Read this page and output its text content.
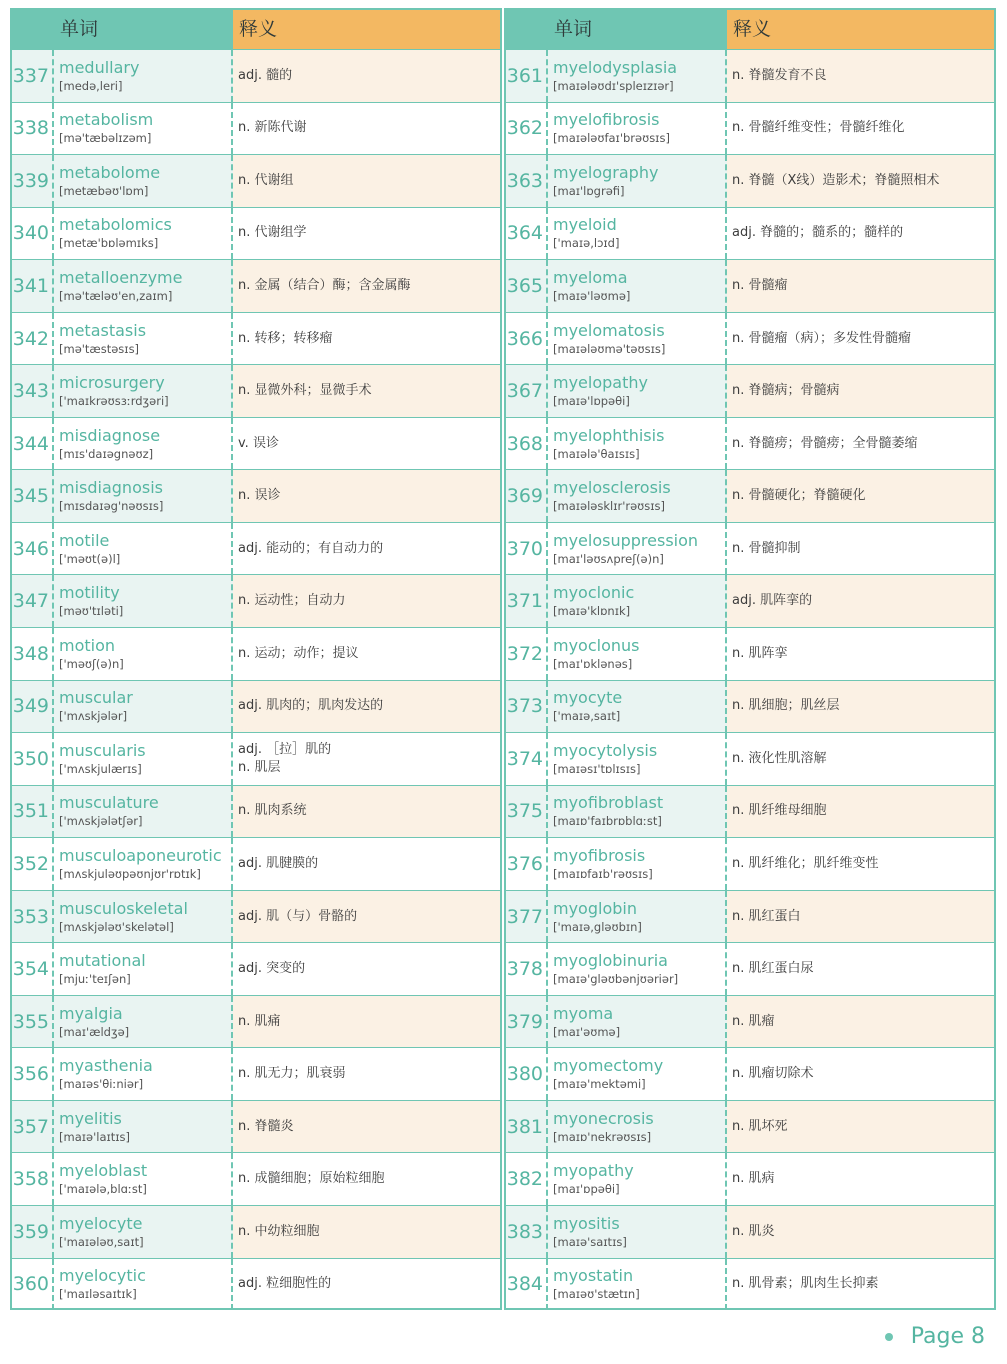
单词	释义
337 medullary
[medə,leri]
adj. 髓的
338 metabolism
[mə'tæbəlɪzəm]
n. 新陈代谢
339 metabolome
[metæbəʊ'lɒm]
n. 代谢组
340 metabolomics
[metæ'bɒləmɪks]
n. 代谢组学
341 metalloenzyme
[mə'tæləʊ'en,zaɪm]
n. 金属（结合）酶；含金属酶
342 metastasis
[mə'tæstəsɪs]
n. 转移；转移瘤
343 microsurgery
['maɪkrəʊsɜːrdʒəri]
n. 显微外科；显微手术
344 misdiagnose
[mɪs'daɪəgnəʊz]
v. 误诊
345 misdiagnosis
[mɪsdaɪəg'nəʊsɪs]
n. 误诊
346 motile
['məʊt(ə)l]
adj. 能动的；有自动力的
347 motility
[məʊ'tɪləti]
n. 运动性；自动力
348 motion
['məʊʃ(ə)n]
n. 运动；动作；提议
349 muscular
['mʌskjələr]
adj. 肌肉的；肌肉发达的
350 muscularis
['mʌskjulærɪs]
adj. ［拉］肌的
n. 肌层
351 musculature
['mʌskjələtʃər]
n. 肌肉系统
352 musculoaponeurotic
[mʌskjuləʊpəʊnjʊr'rɒtɪk]
adj. 肌腱膜的
353 musculoskeletal
[mʌskjələʊ'skelətəl]
adj. 肌（与）骨骼的
354 mutational
[mjuː'teɪʃən]
adj. 突变的
355 myalgia
[maɪ'ældʒə]
n. 肌痛
356 myasthenia
[maɪəs'θiːniər]
n. 肌无力；肌衰弱
357 myelitis
[maɪə'laɪtɪs]
n. 脊髓炎
358 myeloblast
['maɪələ,blɑːst]
n. 成髓细胞；原始粒细胞
359 myelocyte
['maɪələʊ,saɪt]
n. 中幼粒细胞
360 myelocytic
['maɪləsaɪtɪk]
adj. 粒细胞性的
单词	释义
361 myelodysplasia
[maɪələʊdɪ'spleɪzɪər]
n. 脊髓发育不良
362 myelofibrosis
[maɪələʊfaɪ'brəʊsɪs]
n. 骨髓纤维变性；骨髓纤维化
363 myelography
[maɪ'lɒgrəfi]
n. 脊髓（X线）造影术；脊髓照相术
364 myeloid
['maɪə,lɔɪd]
adj. 脊髓的；髓系的；髓样的
365 myeloma
[maɪə'ləʊmə]
n. 骨髓瘤
366 myelomatosis
[maɪələʊmə'təʊsɪs]
n. 骨髓瘤（病）；多发性骨髓瘤
367 myelopathy
[maɪə'lɒpəθi]
n. 脊髓病；骨髓病
368 myelophthisis
[maɪələ'θaɪsɪs]
n. 脊髓痨；骨髓痨；全骨髓萎缩
369 myelosclerosis
[maɪələsklɪr'rəʊsɪs]
n. 骨髓硬化；脊髓硬化
370 myelosuppression
[maɪ'ləʊsʌpreʃ(ə)n]
n. 骨髓抑制
371 myoclonic
[maɪə'klɒnɪk]
adj. 肌阵挛的
372 myoclonus
[maɪ'ɒklənəs]
n. 肌阵挛
373 myocyte
['maɪə,saɪt]
n. 肌细胞；肌丝层
374 myocytolysis
[maɪəsɪ'tɒlɪsɪs]
n. 液化性肌溶解
375 myofibroblast
[maɪɒ'faɪbrɒblɑːst]
n. 肌纤维母细胞
376 myofibrosis
[maɪɒfaɪb'rəʊsɪs]
n. 肌纤维化；肌纤维变性
377 myoglobin
['maɪə,gləʊbɪn]
n. 肌红蛋白
378 myoglobinuria
[maɪə'gləʊbənjʊəriər]
n. 肌红蛋白尿
379 myoma
[maɪ'əʊmə]
n. 肌瘤
380 myomectomy
[maɪə'mektəmi]
n. 肌瘤切除术
381 myonecrosis
[maɪɒ'nekrəʊsɪs]
n. 肌坏死
382 myopathy
[maɪ'ɒpəθi]
n. 肌病
383 myositis
[maɪə'saɪtɪs]
n. 肌炎
384 myostatin
[maɪəʊ'stætɪn]
n. 肌骨素；肌肉生长抑素
Page 8
